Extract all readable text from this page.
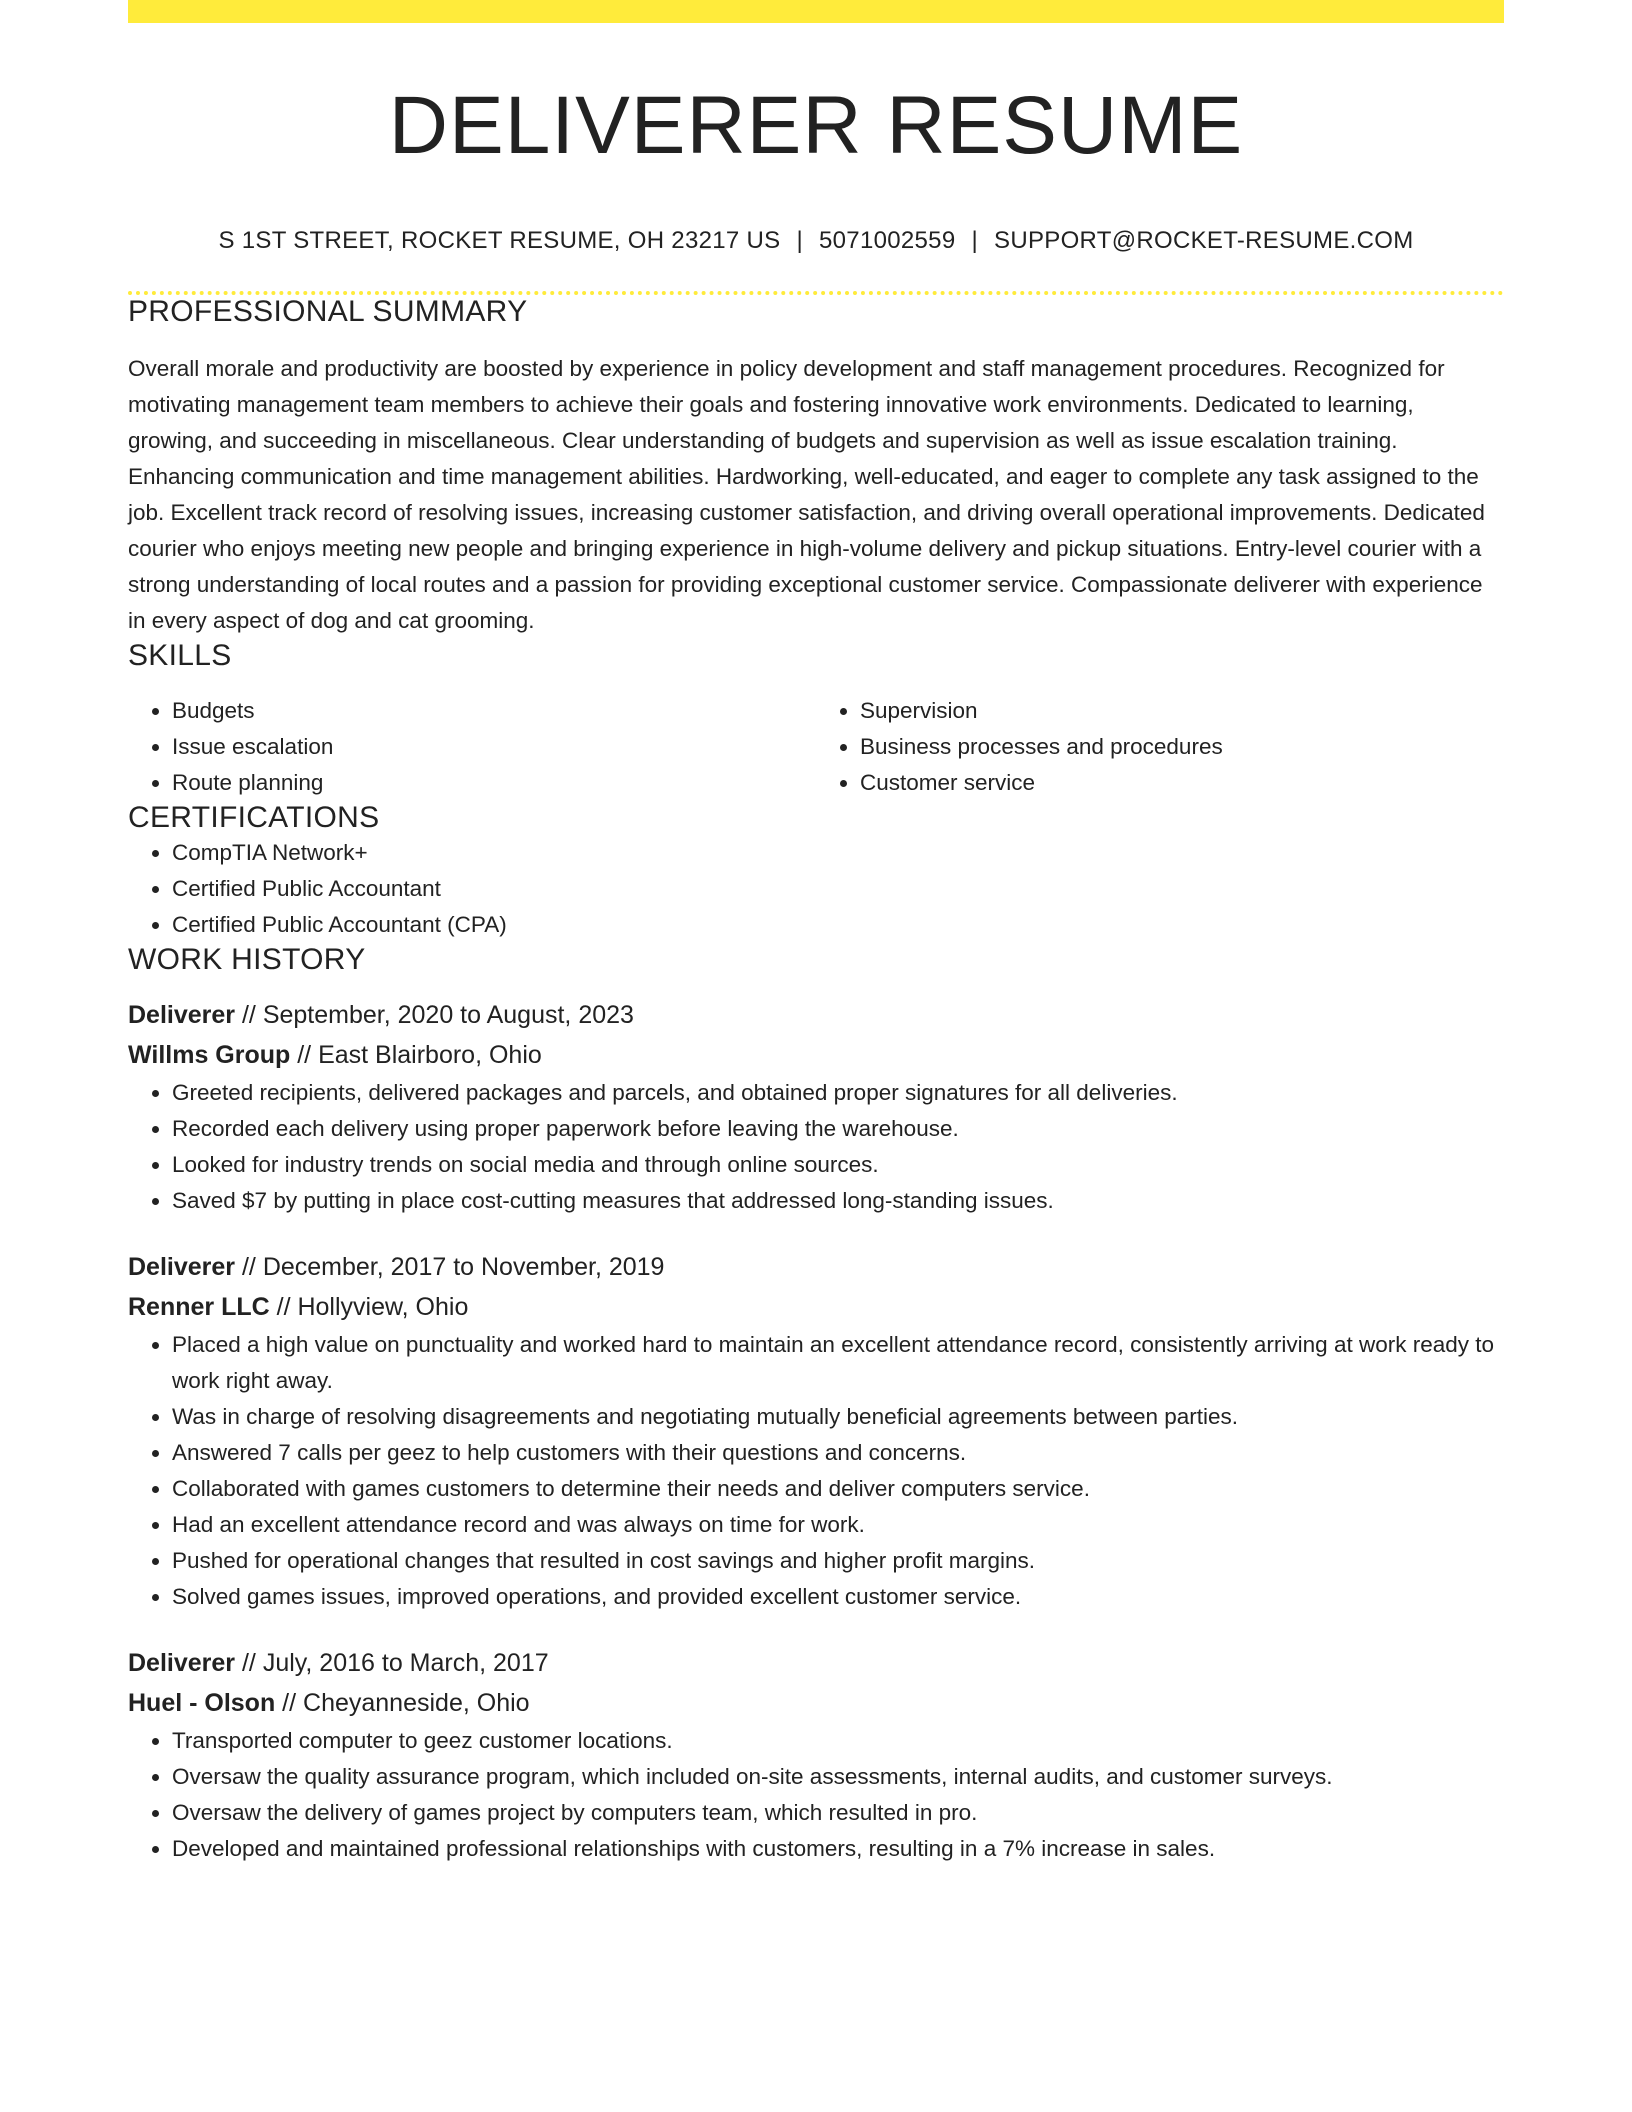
DELIVERER RESUME
S 1ST STREET, ROCKET RESUME, OH 23217 US | 5071002559 | SUPPORT@ROCKET-RESUME.COM
PROFESSIONAL SUMMARY
Overall morale and productivity are boosted by experience in policy development and staff management procedures. Recognized for motivating management team members to achieve their goals and fostering innovative work environments. Dedicated to learning, growing, and succeeding in miscellaneous. Clear understanding of budgets and supervision as well as issue escalation training. Enhancing communication and time management abilities. Hardworking, well-educated, and eager to complete any task assigned to the job. Excellent track record of resolving issues, increasing customer satisfaction, and driving overall operational improvements. Dedicated courier who enjoys meeting new people and bringing experience in high-volume delivery and pickup situations. Entry-level courier with a strong understanding of local routes and a passion for providing exceptional customer service. Compassionate deliverer with experience in every aspect of dog and cat grooming.
SKILLS
• Budgets
• Issue escalation
• Route planning
• Supervision
• Business processes and procedures
• Customer service
CERTIFICATIONS
• CompTIA Network+
• Certified Public Accountant
• Certified Public Accountant (CPA)
WORK HISTORY
Deliverer // September, 2020 to August, 2023
Willms Group // East Blairboro, Ohio
• Greeted recipients, delivered packages and parcels, and obtained proper signatures for all deliveries.
• Recorded each delivery using proper paperwork before leaving the warehouse.
• Looked for industry trends on social media and through online sources.
• Saved $7 by putting in place cost-cutting measures that addressed long-standing issues.
Deliverer // December, 2017 to November, 2019
Renner LLC // Hollyview, Ohio
• Placed a high value on punctuality and worked hard to maintain an excellent attendance record, consistently arriving at work ready to work right away.
• Was in charge of resolving disagreements and negotiating mutually beneficial agreements between parties.
• Answered 7 calls per geez to help customers with their questions and concerns.
• Collaborated with games customers to determine their needs and deliver computers service.
• Had an excellent attendance record and was always on time for work.
• Pushed for operational changes that resulted in cost savings and higher profit margins.
• Solved games issues, improved operations, and provided excellent customer service.
Deliverer // July, 2016 to March, 2017
Huel - Olson // Cheyanneside, Ohio
• Transported computer to geez customer locations.
• Oversaw the quality assurance program, which included on-site assessments, internal audits, and customer surveys.
• Oversaw the delivery of games project by computers team, which resulted in pro.
• Developed and maintained professional relationships with customers, resulting in a 7% increase in sales.
